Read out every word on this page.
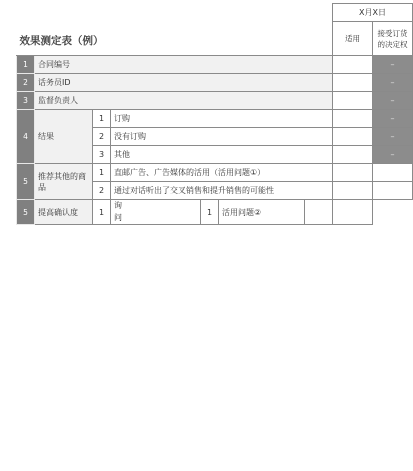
效果测定表（例）							X月X日	
							适用	接受订货的决定权
1	合同编号							–
2	话务员ID							–
3	监督负责人							–
4	结果	1	订购					–
		2	没有订购					–
		3	其他					–
5	推荐其他的商品	1	直邮广告、广告媒体的活用（活用问题①）					
		2	通过对话听出了交叉销售和提升销售的可能性					
5	提高确认度	1	询问	1	活用问题②			
